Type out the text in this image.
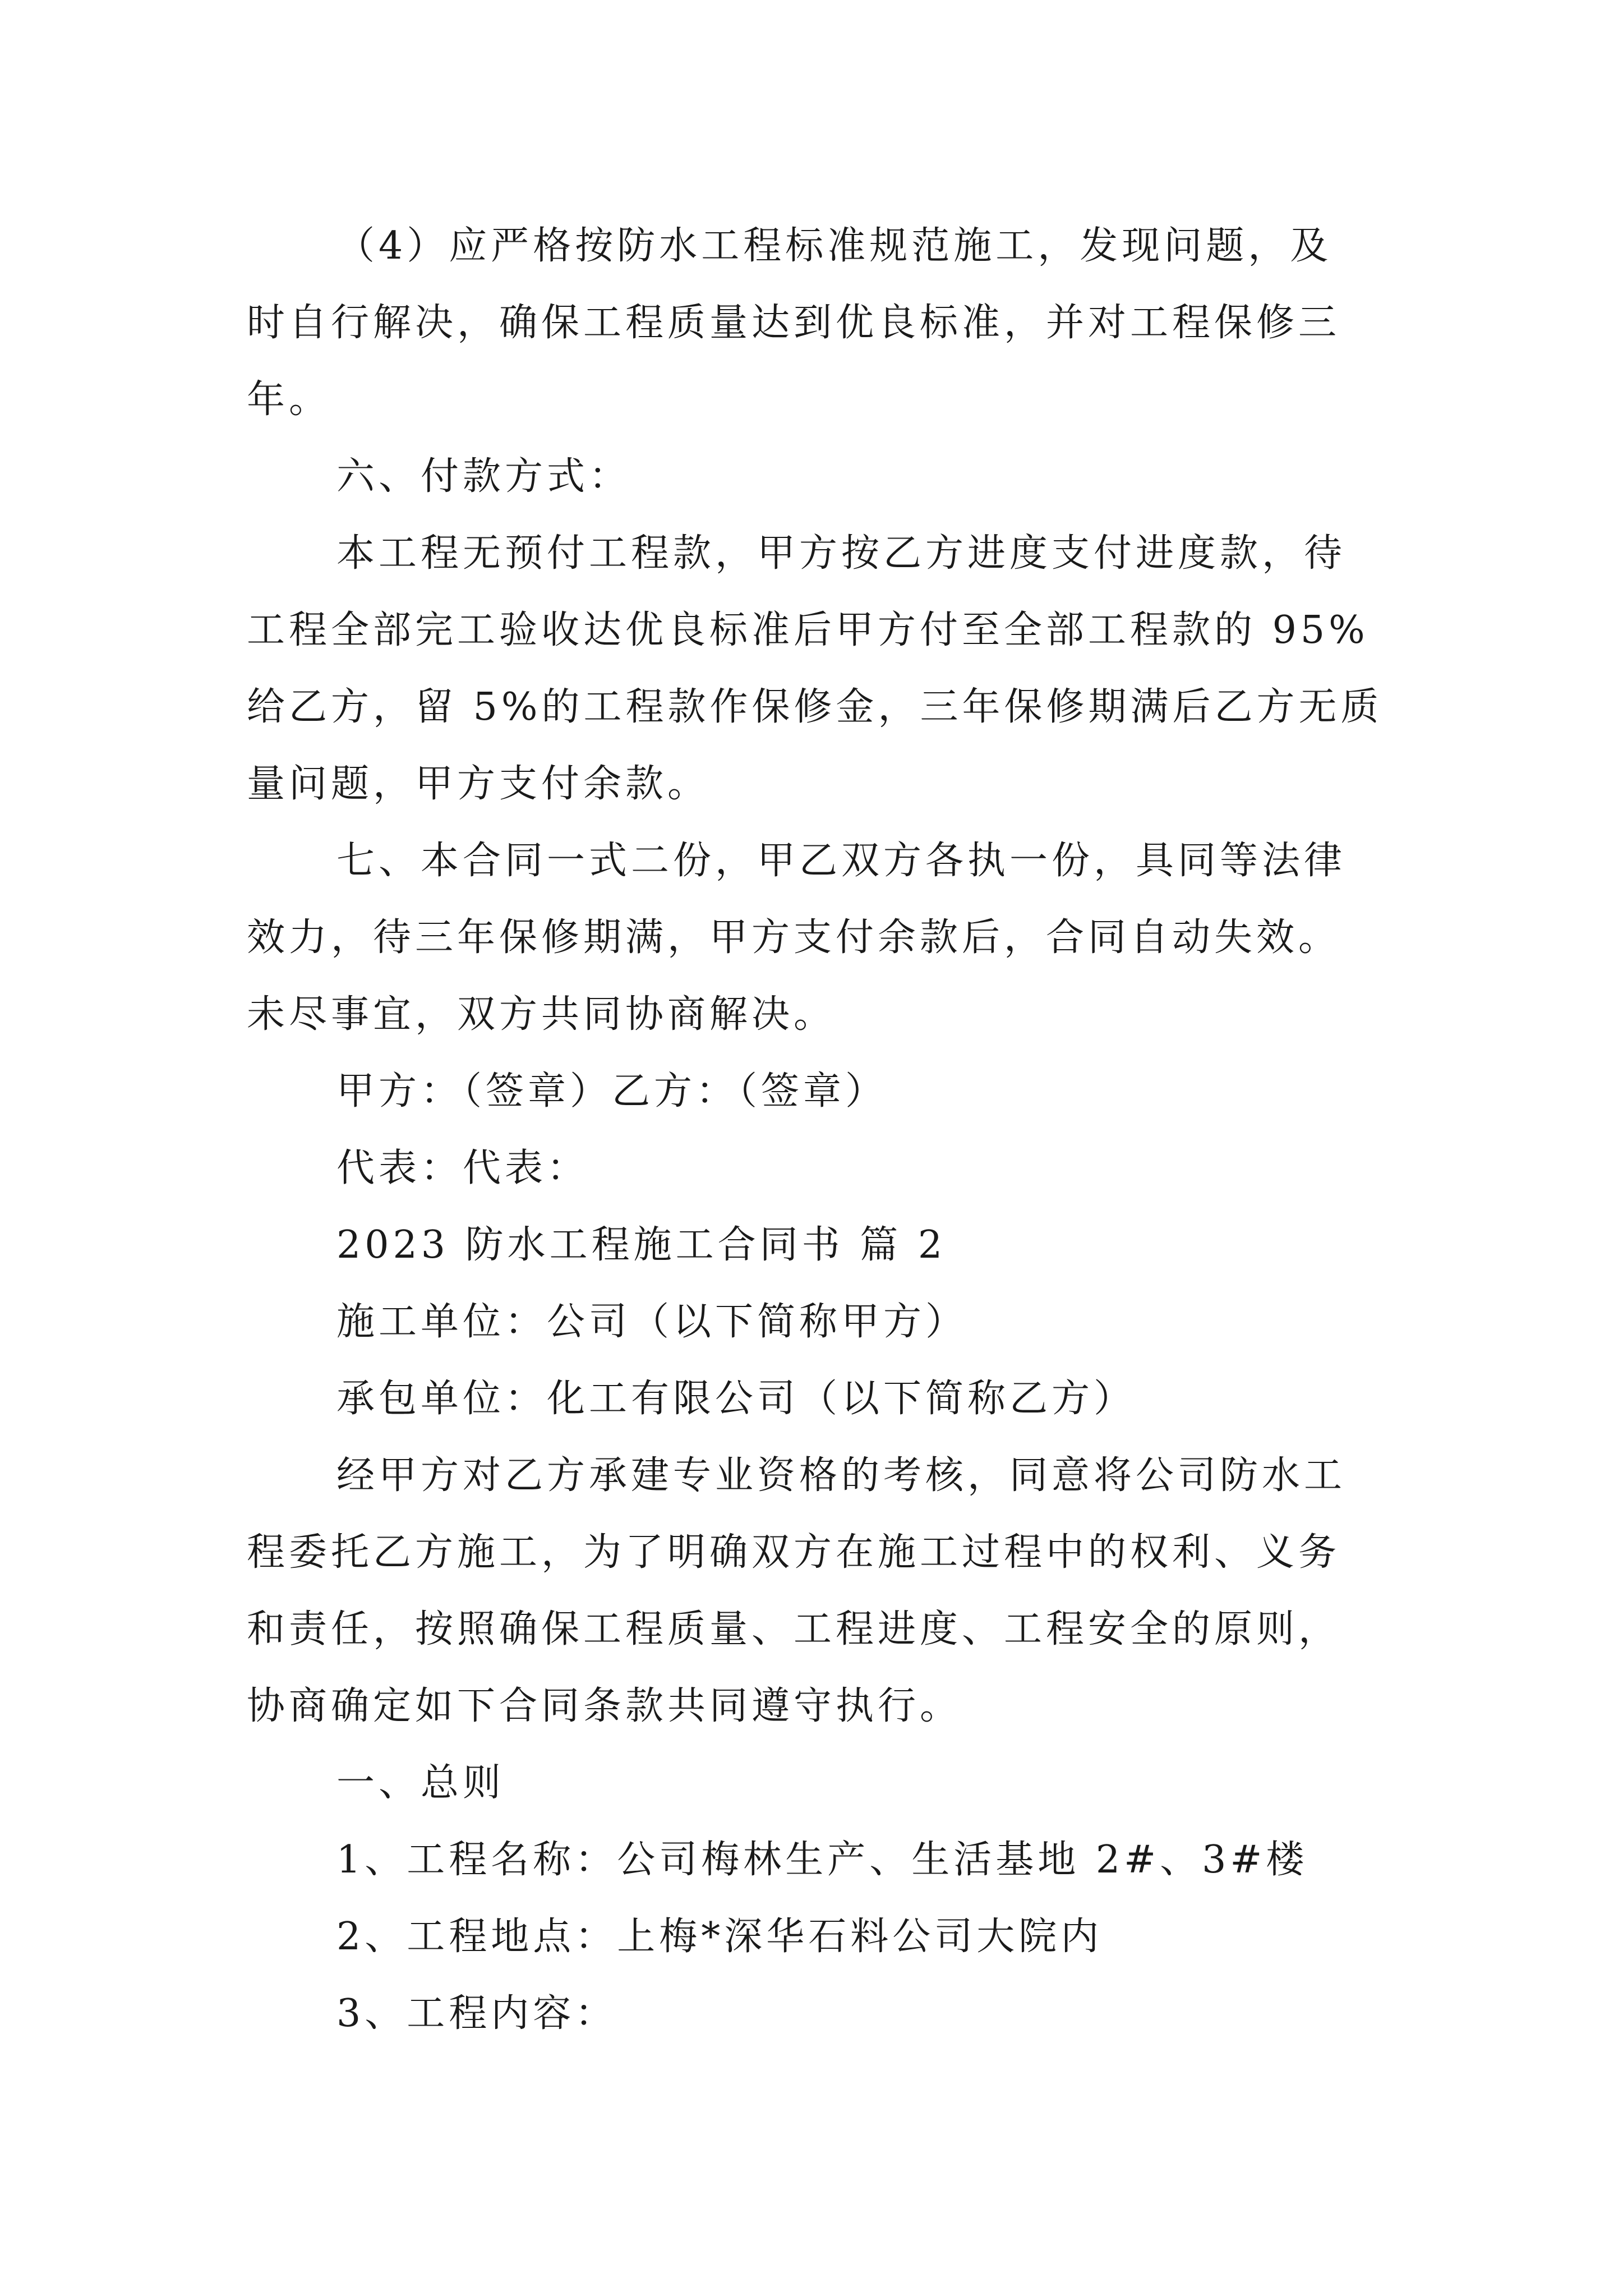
（4）应严格按防水工程标准规范施工，发现问题，及
时自行解决，确保工程质量达到优良标准，并对工程保修三
年。
六、付款方式：
本工程无预付工程款，甲方按乙方进度支付进度款，待
工程全部完工验收达优良标准后甲方付至全部工程款的 95%
给乙方，留 5%的工程款作保修金，三年保修期满后乙方无质
量问题，甲方支付余款。
七、本合同一式二份，甲乙双方各执一份，具同等法律
效力，待三年保修期满，甲方支付余款后，合同自动失效。
未尽事宜，双方共同协商解决。
甲方：（签章）乙方：（签章）
代表：代表：
2023 防水工程施工合同书 篇 2
施工单位：公司（以下简称甲方）
承包单位：化工有限公司（以下简称乙方）
经甲方对乙方承建专业资格的考核，同意将公司防水工
程委托乙方施工，为了明确双方在施工过程中的权利、义务
和责任，按照确保工程质量、工程进度、工程安全的原则，
协商确定如下合同条款共同遵守执行。
一、总则
1、工程名称：公司梅林生产、生活基地 2#、3#楼
2、工程地点：上梅*深华石料公司大院内
3、工程内容：
